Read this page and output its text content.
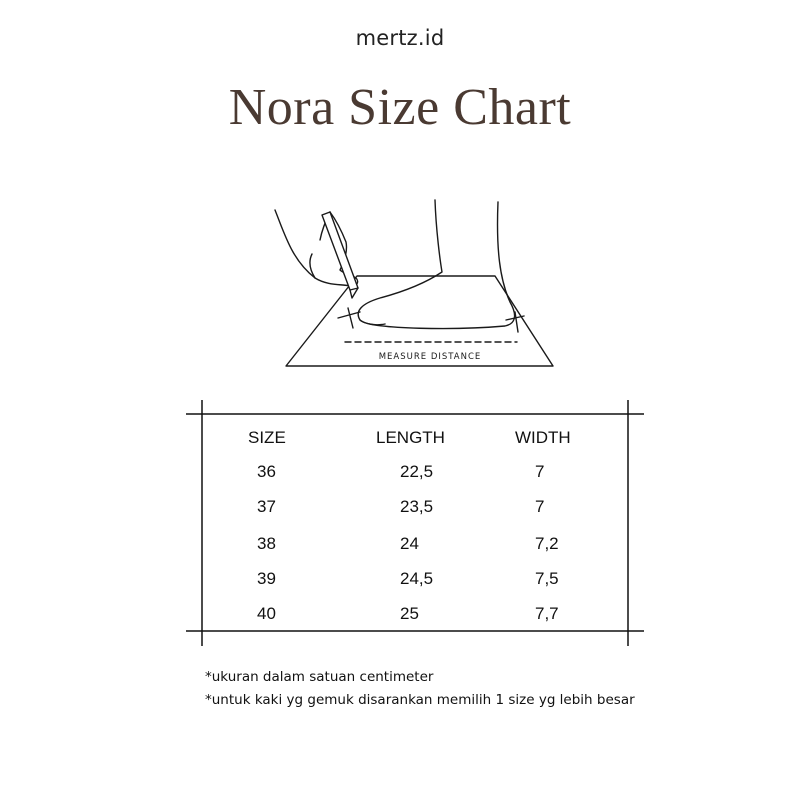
mertz.id
Nora Size Chart
MEASURE DISTANCE
SIZE	LENGTH	WIDTH
36	22,5	7
37	23,5	7
38	24	7,2
39	24,5	7,5
40	25	7,7
*ukuran dalam satuan centimeter
*untuk kaki yg gemuk disarankan memilih 1 size yg lebih besar
